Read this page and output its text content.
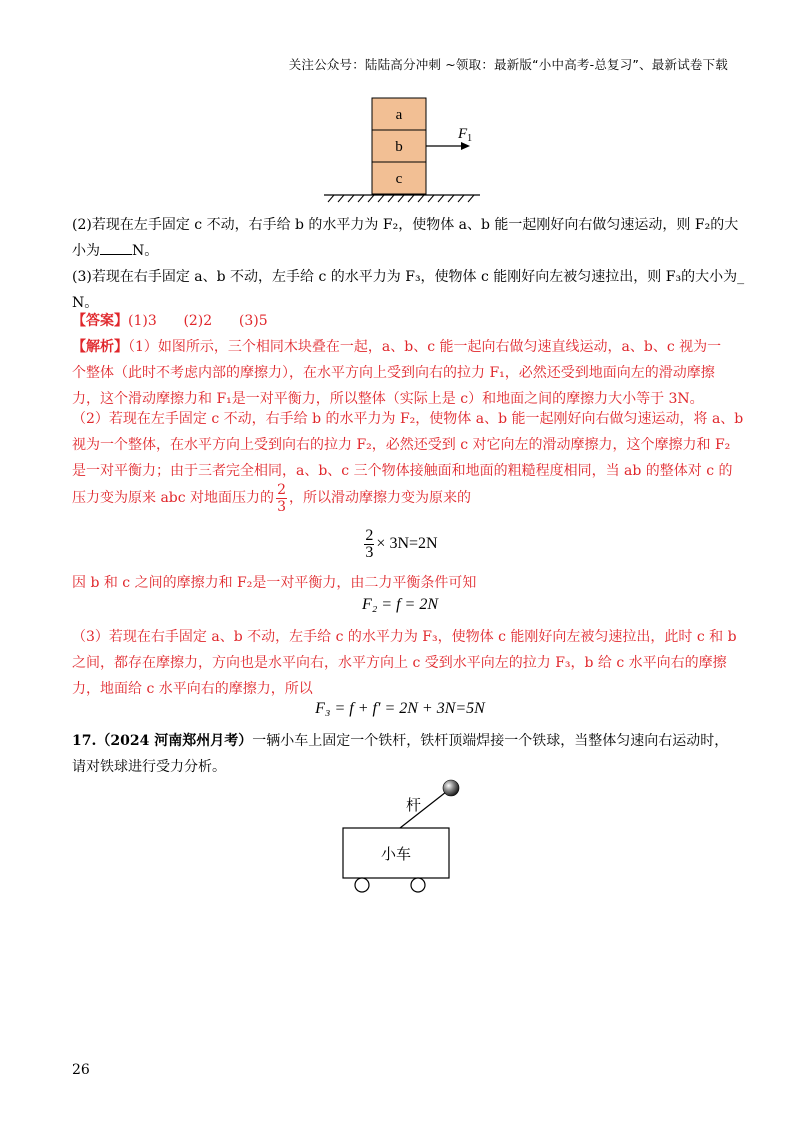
关注公众号：陆陆高分冲刺 ~领取：最新版“小中高考-总复习”、最新试卷下载
a
b
c
$F_1$
(2)若现在左手固定 c 不动，右手给 b 的水平力为 F₂，使物体 a、b 能一起刚好向右做匀速运动，则 F₂的大
小为 N。
(3)若现在右手固定 a、b 不动，左手给 c 的水平力为 F₃，使物体 c 能刚好向左被匀速拉出，则 F₃的大小为_
N。
【答案】(1)3      (2)2      (3)5
【解析】（1）如图所示，三个相同木块叠在一起，a、b、c 能一起向右做匀速直线运动，a、b、c 视为一
个整体（此时不考虑内部的摩擦力），在水平方向上受到向右的拉力 F₁，必然还受到地面向左的滑动摩擦
力，这个滑动摩擦力和 F₁是一对平衡力，所以整体（实际上是 c）和地面之间的摩擦力大小等于 3N。
（2）若现在左手固定 c 不动，右手给 b 的水平力为 F₂，使物体 a、b 能一起刚好向右做匀速运动，将 a、b
视为一个整体，在水平方向上受到向右的拉力 F₂，必然还受到 c 对它向左的滑动摩擦力，这个摩擦力和 F₂
是一对平衡力；由于三者完全相同，a、b、c 三个物体接触面和地面的粗糙程度相同，当 ab 的整体对 c 的
压力变为原来 abc 对地面压力的 $\frac{2}{3}$ ，所以滑动摩擦力变为原来的
$\frac{2}{3} \times 3N=2N$
因 b 和 c 之间的摩擦力和 F₂是一对平衡力，由二力平衡条件可知
F₂ = f = 2N
（3）若现在右手固定 a、b 不动，左手给 c 的水平力为 F₃，使物体 c 能刚好向左被匀速拉出，此时 c 和 b
之间，都存在摩擦力，方向也是水平向右，水平方向上 c 受到水平向左的拉力 F₃，b 给 c 水平向右的摩擦
力，地面给 c 水平向右的摩擦力，所以
F₃ = f + f′ = 2N + 3N=5N
17.（2024 河南郑州月考）一辆小车上固定一个铁杆，铁杆顶端焊接一个铁球，当整体匀速向右运动时，
请对铁球进行受力分析。
小车
杆
26
